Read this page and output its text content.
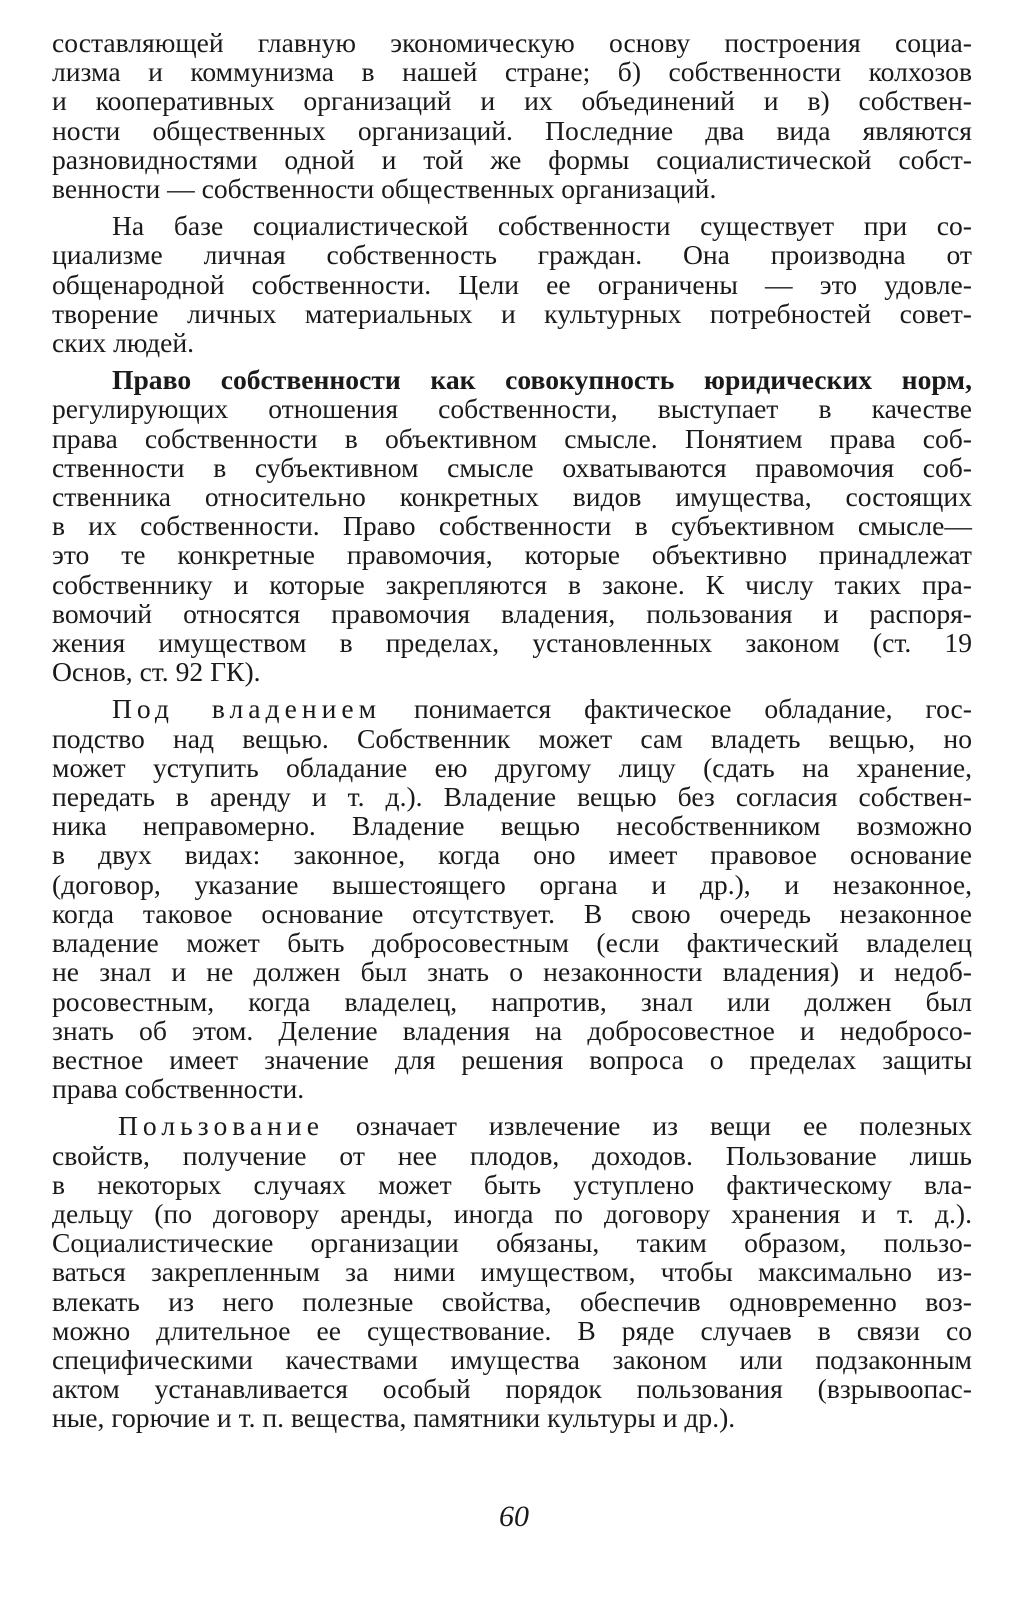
составляющей главную экономическую основу построения социа-
лизма и коммунизма в нашей стране; б) собственности колхозов
и кооперативных организаций и их объединений и в) собствен-
ности общественных организаций. Последние два вида являются
разновидностями одной и той же формы социалистической собст-
венности — собственности общественных организаций.

На базе социалистической собственности существует при со-
циализме личная собственность граждан. Она производна от
общенародной собственности. Цели ее ограничены — это удовле-
творение личных материальных и культурных потребностей совет-
ских людей.

Право собственности как совокупность юридических норм,
регулирующих отношения собственности, выступает в качестве
права собственности в объективном смысле. Понятием права соб-
ственности в субъективном смысле охватываются правомочия соб-
ственника относительно конкретных видов имущества, состоящих
в их собственности. Право собственности в субъективном смысле—
это те конкретные правомочия, которые объективно принадлежат
собственнику и которые закрепляются в законе. К числу таких пра-
вомочий относятся правомочия владения, пользования и распоря-
жения имуществом в пределах, установленных законом (ст. 19
Основ, ст. 92 ГК).

Под владением понимается фактическое обладание, гос-
подство над вещью. Собственник может сам владеть вещью, но
может уступить обладание ею другому лицу (сдать на хранение,
передать в аренду и т. д.). Владение вещью без согласия собствен-
ника неправомерно. Владение вещью несобственником возможно
в двух видах: законное, когда оно имеет правовое основание
(договор, указание вышестоящего органа и др.), и незаконное,
когда таковое основание отсутствует. В свою очередь незаконное
владение может быть добросовестным (если фактический владелец
не знал и не должен был знать о незаконности владения) и недоб-
росовестным, когда владелец, напротив, знал или должен был
знать об этом. Деление владения на добросовестное и недобросо-
вестное имеет значение для решения вопроса о пределах защиты
права собственности.

Пользование означает извлечение из вещи ее полезных
свойств, получение от нее плодов, доходов. Пользование лишь
в некоторых случаях может быть уступлено фактическому вла-
дельцу (по договору аренды, иногда по договору хранения и т. д.).
Социалистические организации обязаны, таким образом, пользо-
ваться закрепленным за ними имуществом, чтобы максимально из-
влекать из него полезные свойства, обеспечив одновременно воз-
можно длительное ее существование. В ряде случаев в связи со
специфическими качествами имущества законом или подзаконным
актом устанавливается особый порядок пользования (взрывоопас-
ные, горючие и т. п. вещества, памятники культуры и др.).

60
